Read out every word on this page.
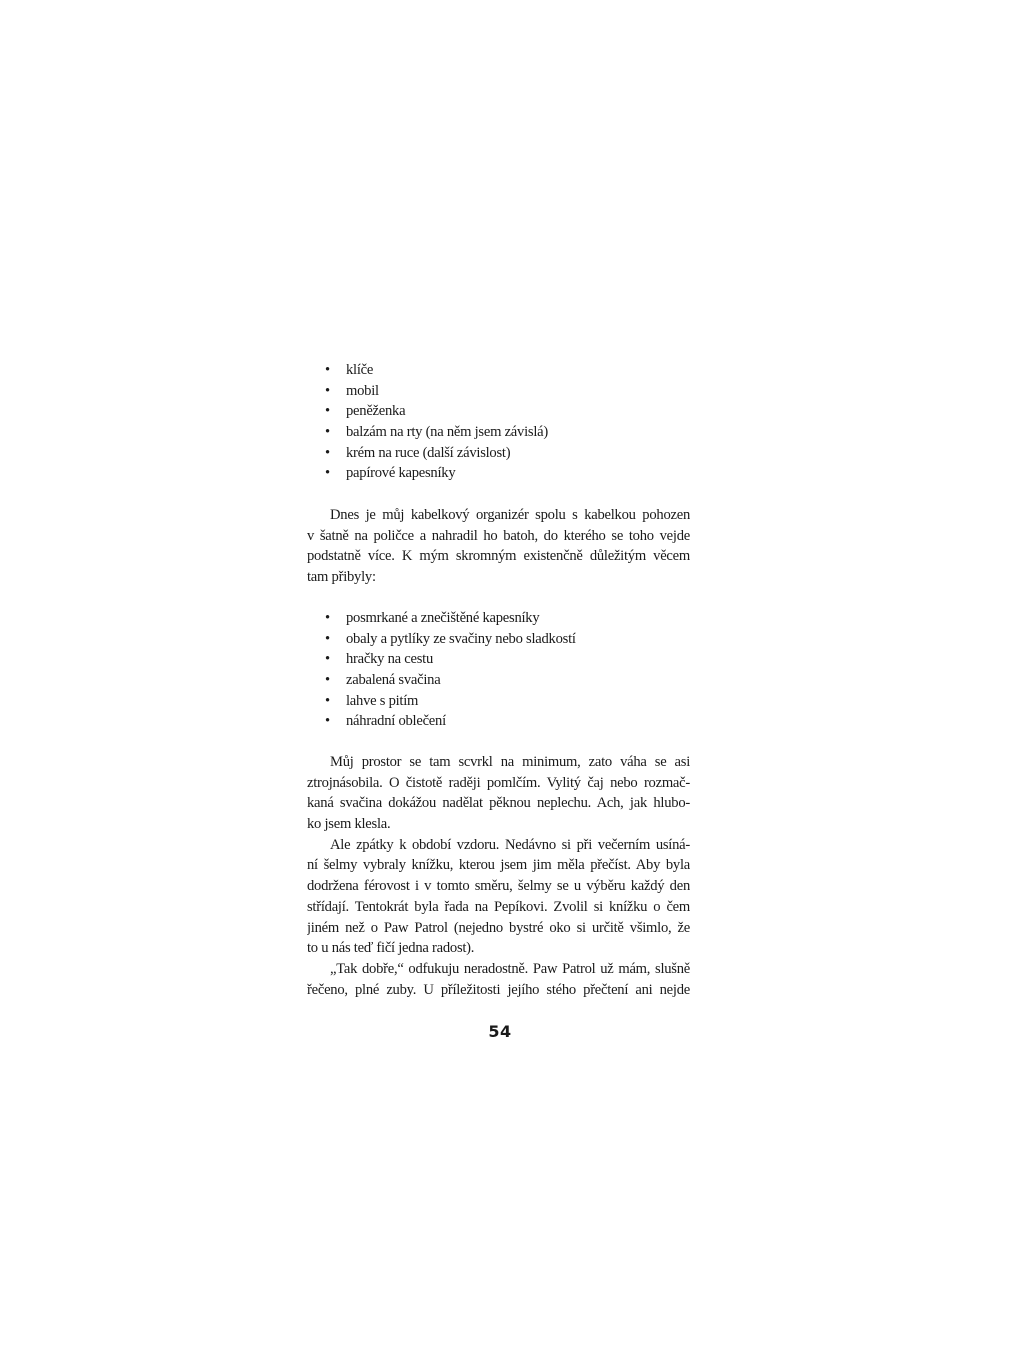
• klíče
• mobil
• peněženka
• balzám na rty (na něm jsem závislá)
• krém na ruce (další závislost)
• papírové kapesníky
Dnes je můj kabelkový organizér spolu s kabelkou pohozen
v šatně na poličce a nahradil ho batoh, do kterého se toho vejde
podstatně více. K mým skromným existenčně důležitým věcem
tam přibyly:
• posmrkané a znečištěné kapesníky
• obaly a pytlíky ze svačiny nebo sladkostí
• hračky na cestu
• zabalená svačina
• lahve s pitím
• náhradní oblečení
Můj prostor se tam scvrkl na minimum, zato váha se asi
ztrojnásobila. O čistotě raději pomlčím. Vylitý čaj nebo rozmač-
kaná svačina dokážou nadělat pěknou neplechu. Ach, jak hlubo-
ko jsem klesla.
Ale zpátky k období vzdoru. Nedávno si při večerním usíná-
ní šelmy vybraly knížku, kterou jsem jim měla přečíst. Aby byla
dodržena férovost i v tomto směru, šelmy se u výběru každý den
střídají. Tentokrát byla řada na Pepíkovi. Zvolil si knížku o čem
jiném než o Paw Patrol (nejedno bystré oko si určitě všimlo, že
to u nás teď fičí jedna radost).
„Tak dobře,“ odfukuju neradostně. Paw Patrol už mám, slušně
řečeno, plné zuby. U příležitosti jejího stého přečtení ani nejde
54
